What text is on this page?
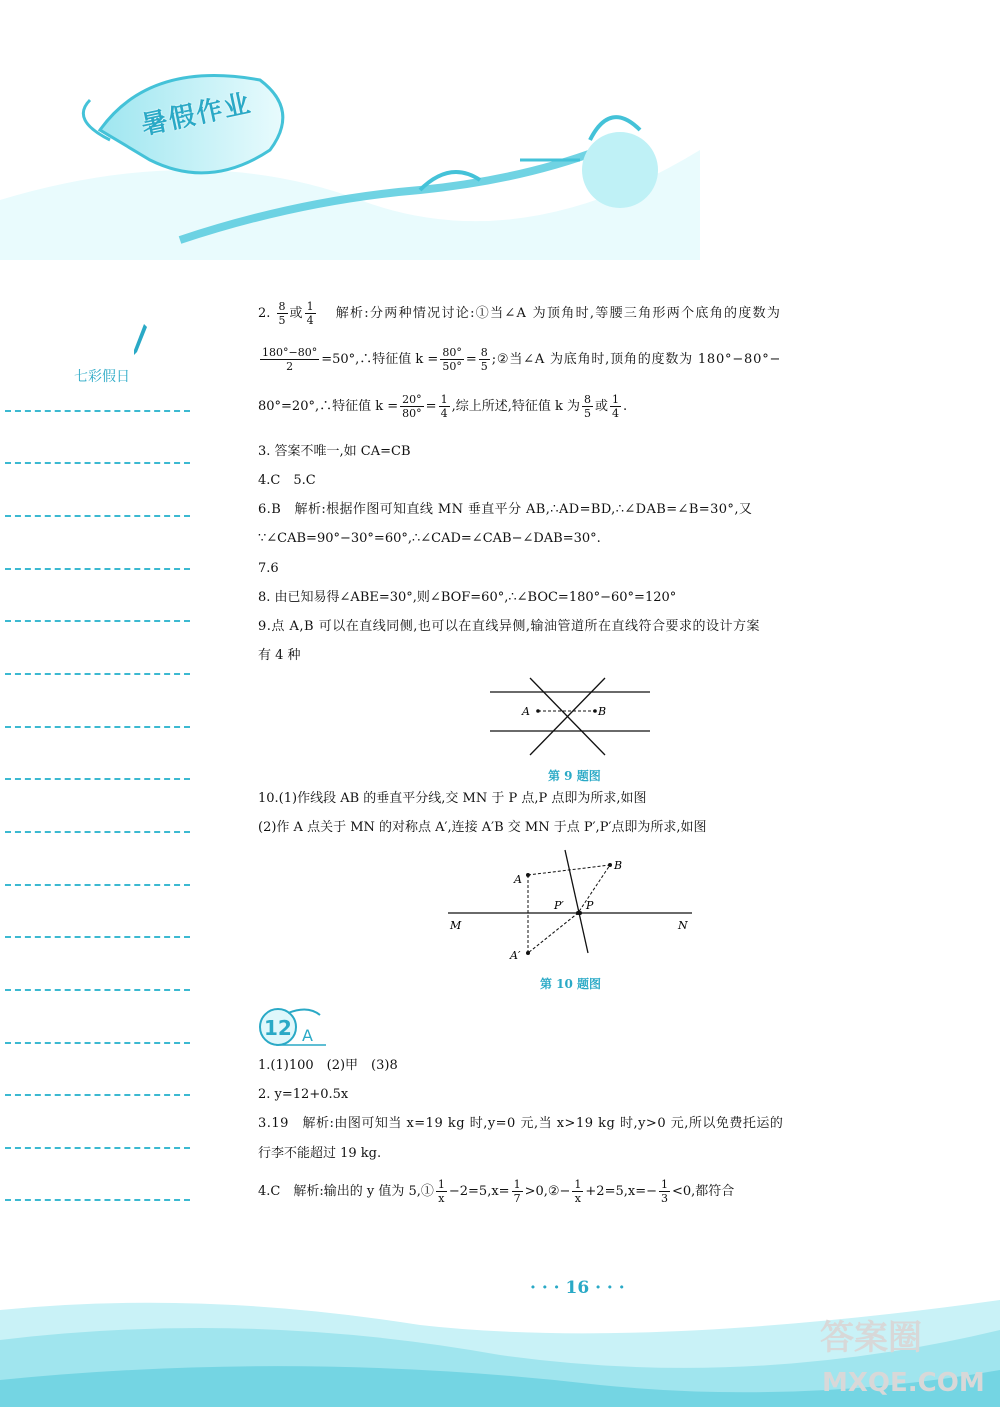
暑假作业
七彩假日
2. $\frac{8}{5}$ 或 $\frac{1}{4}$ 解析:分两种情况讨论:①当∠A 为顶角时,等腰三角形两个底角的度数为
$\frac{180^\circ-80^\circ}{2}$ =50°,∴特征值 $k = \frac{80^\circ}{50^\circ} = \frac{8}{5}$ ;②当∠A 为底角时,顶角的度数为 180°−80°−
80°=20°,∴特征值 $k = \frac{20^\circ}{80^\circ} = \frac{1}{4}$ ,综上所述,特征值 k 为 $\frac{8}{5}$ 或 $\frac{1}{4}$ .
3. 答案不唯一,如 CA=CB
4.C　5.C
6.B　解析:根据作图可知直线 MN 垂直平分 AB,∴AD=BD,∴∠DAB=∠B=30°,又
∵∠CAB=90°−30°=60°,∴∠CAD=∠CAB−∠DAB=30°.
7.6
8. 由已知易得∠ABE=30°,则∠BOF=60°,∴∠BOC=180°−60°=120°
9.点 A,B 可以在直线同侧,也可以在直线异侧,输油管道所在直线符合要求的设计方案
有 4 种
A	B
第 9 题图
10.(1)作线段 AB 的垂直平分线,交 MN 于 P 点,P 点即为所求,如图
(2)作 A 点关于 MN 的对称点 A′,连接 A′B 交 MN 于点 P′,P′点即为所求,如图
A
B
A′
P′ P
M	N
第 10 题图
12 A
1.(1)100　(2)甲　(3)8
2. y=12+0.5x
3.19　解析:由图可知当 x=19 kg 时,y=0 元,当 x>19 kg 时,y>0 元,所以免费托运的
行李不能超过 19 kg.
4.C　解析:输出的 y 值为 5,① $\frac{1}{x} -2=5,x= \frac{1}{7}$ >0,②− $\frac{1}{x} +2=5,x=- \frac{1}{3} <0$,都符合
· · · 16 · · ·
答案圈
MXQE.COM
